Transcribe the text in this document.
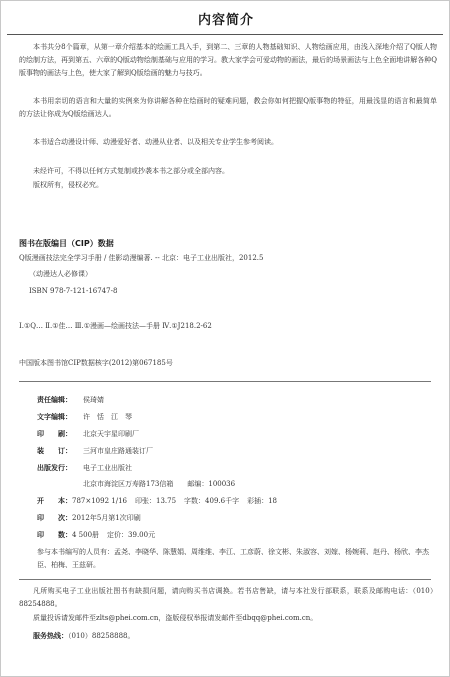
内容简介
本书共分8个篇章，从第一章介绍基本的绘画工具入手，到第二、三章的人物基础知识、人物绘画应用，由浅入深地介绍了Q版人物的绘制方法，再到第五、六章的Q版动物绘制基础与应用的学习。教大家学会可爱动物的画法，最后的场景画法与上色全面地讲解各种Q版事物的画法与上色，使大家了解到Q版绘画的魅力与技巧。
本书用亲切的语言和大量的实例来为你讲解各种在绘画时的疑难问题，教会你如何把握Q版事物的特征，用最浅显的语言和最简单的方法让你成为Q版绘画达人。
本书适合动漫设计师、动漫爱好者、动漫从业者、以及相关专业学生参考阅读。
未经许可，不得以任何方式复制或抄袭本书之部分或全部内容。
版权所有，侵权必究。
图书在版编目（CIP）数据
Q版漫画技法完全学习手册 / 佳影动漫编著. -- 北京：电子工业出版社，2012.5
（动漫达人必修课）
ISBN 978-7-121-16747-8
Ⅰ.①Q… Ⅱ.①佳… Ⅲ.①漫画—绘画技法—手册 Ⅳ.①J218.2-62
中国版本图书馆CIP数据核字(2012)第067185号
责任编辑： 侯琦婧
文字编辑： 许　恬　江　琴
印　　刷： 北京天宇星印刷厂
装　　订： 三河市皇庄路通装订厂
出版发行： 电子工业出版社
北京市海淀区万寿路173信箱　　邮编：100036
开　　本：787×1092 1/16 印张：13.75 字数：409.6千字 彩插：18
印　　次：2012年5月第1次印刷
印　　数：4 500册 定价：39.00元
参与本书编写的人员有：孟尧、李晓华、陈慧娟、周维维、李江、工彦蔚、徐文彬、朱淑容、刘嫁、杨婉莉、赵丹、杨欣、李杰臣、柏梅、王兹研。
凡所购买电子工业出版社图书有缺损问题，请向购买书店调换。若书店售缺，请与本社发行部联系，联系及邮购电话：（010）88254888。
质量投诉请发邮件至zlts@phei.com.cn，盗版侵权举报请发邮件至dbqq@phei.com.cn。
服务热线：（010）88258888。
